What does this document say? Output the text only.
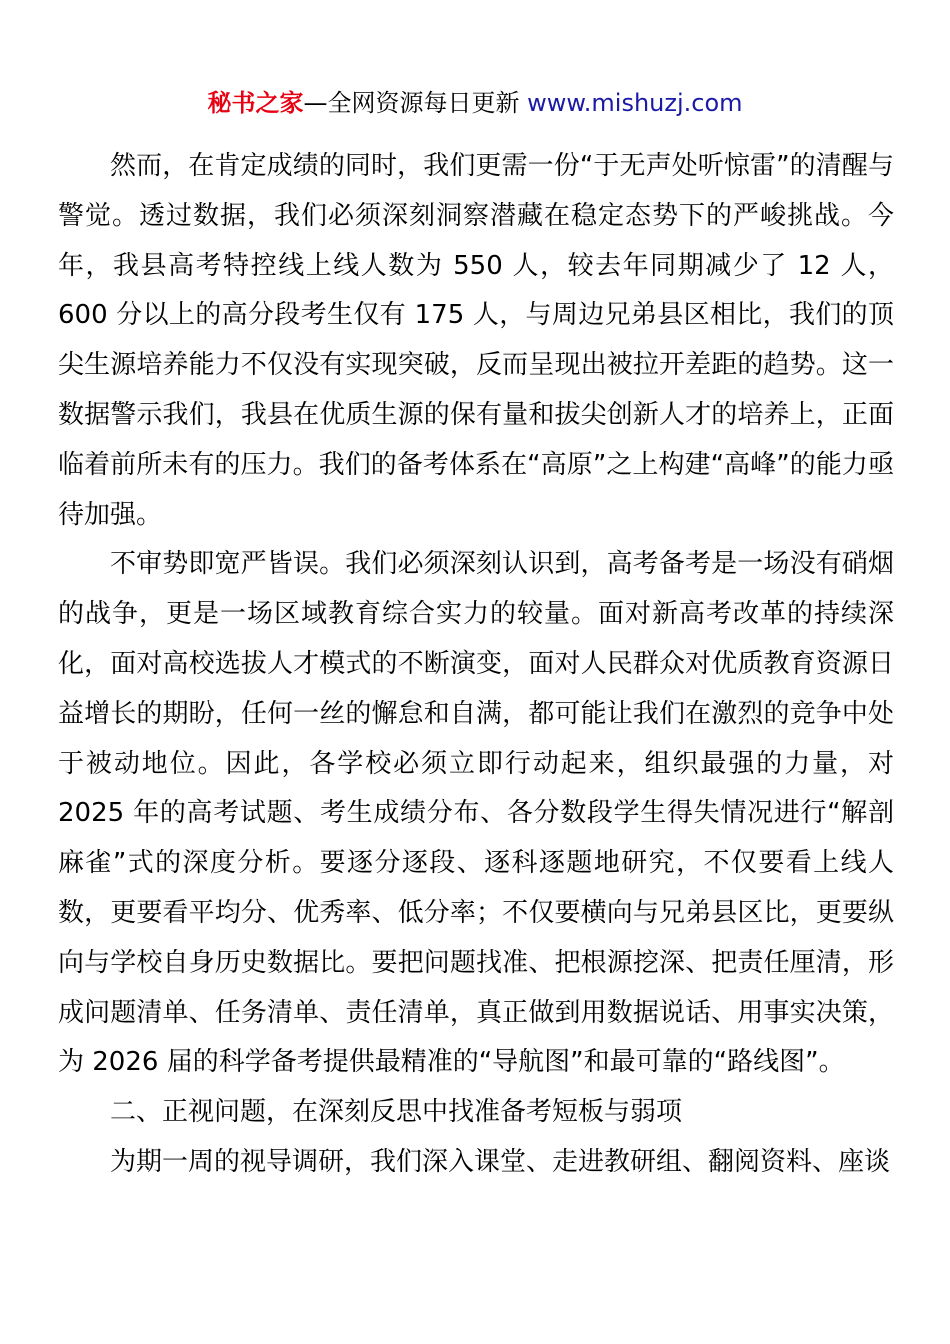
秘书之家—全网资源每日更新 www.mishuzj.com

然而，在肯定成绩的同时，我们更需一份“于无声处听惊雷”的清醒与警觉。透过数据，我们必须深刻洞察潜藏在稳定态势下的严峻挑战。今年，我县高考特控线上线人数为 550 人，较去年同期减少了 12 人，600 分以上的高分段考生仅有 175 人，与周边兄弟县区相比，我们的顶尖生源培养能力不仅没有实现突破，反而呈现出被拉开差距的趋势。这一数据警示我们，我县在优质生源的保有量和拔尖创新人才的培养上，正面临着前所未有的压力。我们的备考体系在“高原”之上构建“高峰”的能力亟待加强。

不审势即宽严皆误。我们必须深刻认识到，高考备考是一场没有硝烟的战争，更是一场区域教育综合实力的较量。面对新高考改革的持续深化，面对高校选拔人才模式的不断演变，面对人民群众对优质教育资源日益增长的期盼，任何一丝的懈怠和自满，都可能让我们在激烈的竞争中处于被动地位。因此，各学校必须立即行动起来，组织最强的力量，对 2025 年的高考试题、考生成绩分布、各分数段学生得失情况进行“解剖麻雀”式的深度分析。要逐分逐段、逐科逐题地研究，不仅要看上线人数，更要看平均分、优秀率、低分率；不仅要横向与兄弟县区比，更要纵向与学校自身历史数据比。要把问题找准、把根源挖深、把责任厘清，形成问题清单、任务清单、责任清单，真正做到用数据说话、用事实决策，为 2026 届的科学备考提供最精准的“导航图”和最可靠的“路线图”。

二、正视问题，在深刻反思中找准备考短板与弱项

为期一周的视导调研，我们深入课堂、走进教研组、翻阅资料、座谈
